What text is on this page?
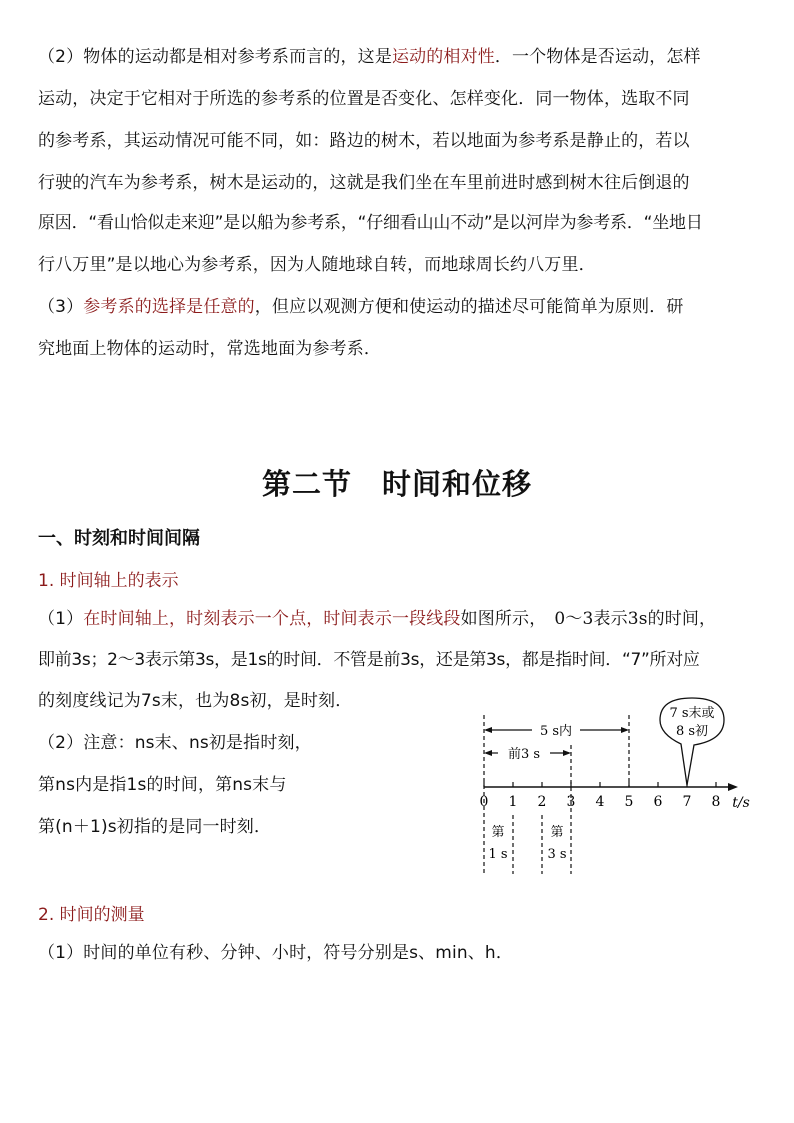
（2）物体的运动都是相对参考系而言的，这是运动的相对性．一个物体是否运动，怎样
运动，决定于它相对于所选的参考系的位置是否变化、怎样变化．同一物体，选取不同
的参考系，其运动情况可能不同，如：路边的树木，若以地面为参考系是静止的，若以
行驶的汽车为参考系，树木是运动的，这就是我们坐在车里前进时感到树木往后倒退的
原因．“看山恰似走来迎”是以船为参考系，“仔细看山山不动”是以河岸为参考系．“坐地日
行八万里”是以地心为参考系，因为人随地球自转，而地球周长约八万里．
（3）参考系的选择是任意的，但应以观测方便和使运动的描述尽可能简单为原则．研
究地面上物体的运动时，常选地面为参考系．
第二节　时间和位移
一、时刻和时间间隔
1. 时间轴上的表示
（1）在时间轴上，时刻表示一个点，时间表示一段线段如图所示， 0～3表示3s的时间，
即前3s；2～3表示第3s，是1s的时间．不管是前3s，还是第3s，都是指时间．“7”所对应
的刻度线记为7s末，也为8s初，是时刻．
（2）注意：ns末、ns初是指时刻，
第ns内是指1s的时间，第ns末与
第(n＋1)s初指的是同一时刻．
5 s内
前3 s
7 s末或
8 s初
0 1 2 3 4 5 6 7 8 t/s
第
1 s
第
3 s
2. 时间的测量
（1）时间的单位有秒、分钟、小时，符号分别是s、min、h．
